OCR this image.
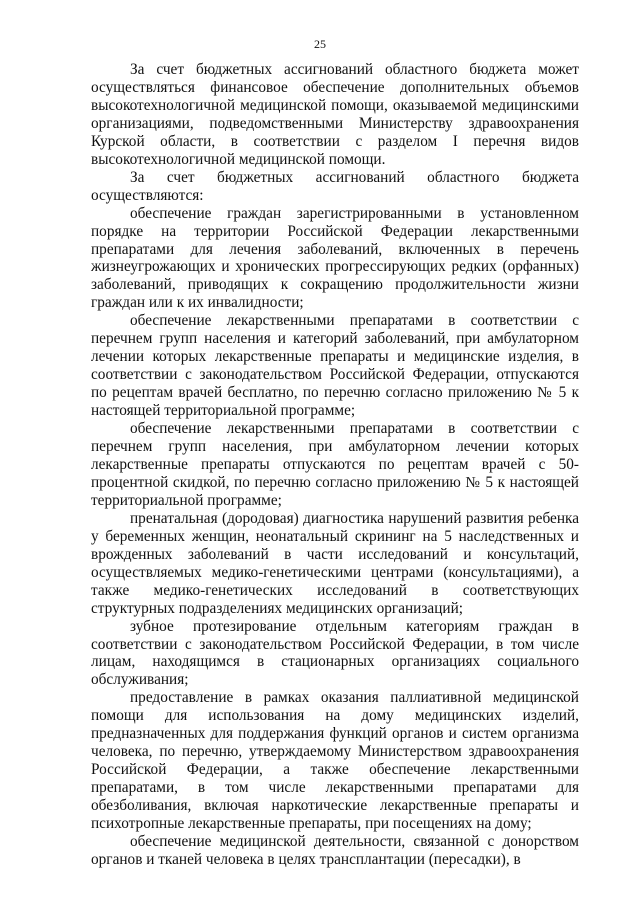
25

За счет бюджетных ассигнований областного бюджета может осуществляться финансовое обеспечение дополнительных объемов высокотехнологичной медицинской помощи, оказываемой медицинскими организациями, подведомственными Министерству здравоохранения Курской области, в соответствии с разделом I перечня видов высокотехнологичной медицинской помощи.

За счет бюджетных ассигнований областного бюджета осуществляются:

обеспечение граждан зарегистрированными в установленном порядке на территории Российской Федерации лекарственными препаратами для лечения заболеваний, включенных в перечень жизнеугрожающих и хронических прогрессирующих редких (орфанных) заболеваний, приводящих к сокращению продолжительности жизни граждан или к их инвалидности;

обеспечение лекарственными препаратами в соответствии с перечнем групп населения и категорий заболеваний, при амбулаторном лечении которых лекарственные препараты и медицинские изделия, в соответствии с законодательством Российской Федерации, отпускаются по рецептам врачей бесплатно, по перечню согласно приложению № 5 к настоящей территориальной программе;

обеспечение лекарственными препаратами в соответствии с перечнем групп населения, при амбулаторном лечении которых лекарственные препараты отпускаются по рецептам врачей с 50-процентной скидкой, по перечню согласно приложению № 5 к настоящей территориальной программе;

пренатальная (дородовая) диагностика нарушений развития ребенка у беременных женщин, неонатальный скрининг на 5 наследственных и врожденных заболеваний в части исследований и консультаций, осуществляемых медико-генетическими центрами (консультациями), а также медико-генетических исследований в соответствующих структурных подразделениях медицинских организаций;

зубное протезирование отдельным категориям граждан в соответствии с законодательством Российской Федерации, в том числе лицам, находящимся в стационарных организациях социального обслуживания;

предоставление в рамках оказания паллиативной медицинской помощи для использования на дому медицинских изделий, предназначенных для поддержания функций органов и систем организма человека, по перечню, утверждаемому Министерством здравоохранения Российской Федерации, а также обеспечение лекарственными препаратами, в том числе лекарственными препаратами для обезболивания, включая наркотические лекарственные препараты и психотропные лекарственные препараты, при посещениях на дому;

обеспечение медицинской деятельности, связанной с донорством органов и тканей человека в целях трансплантации (пересадки), в
